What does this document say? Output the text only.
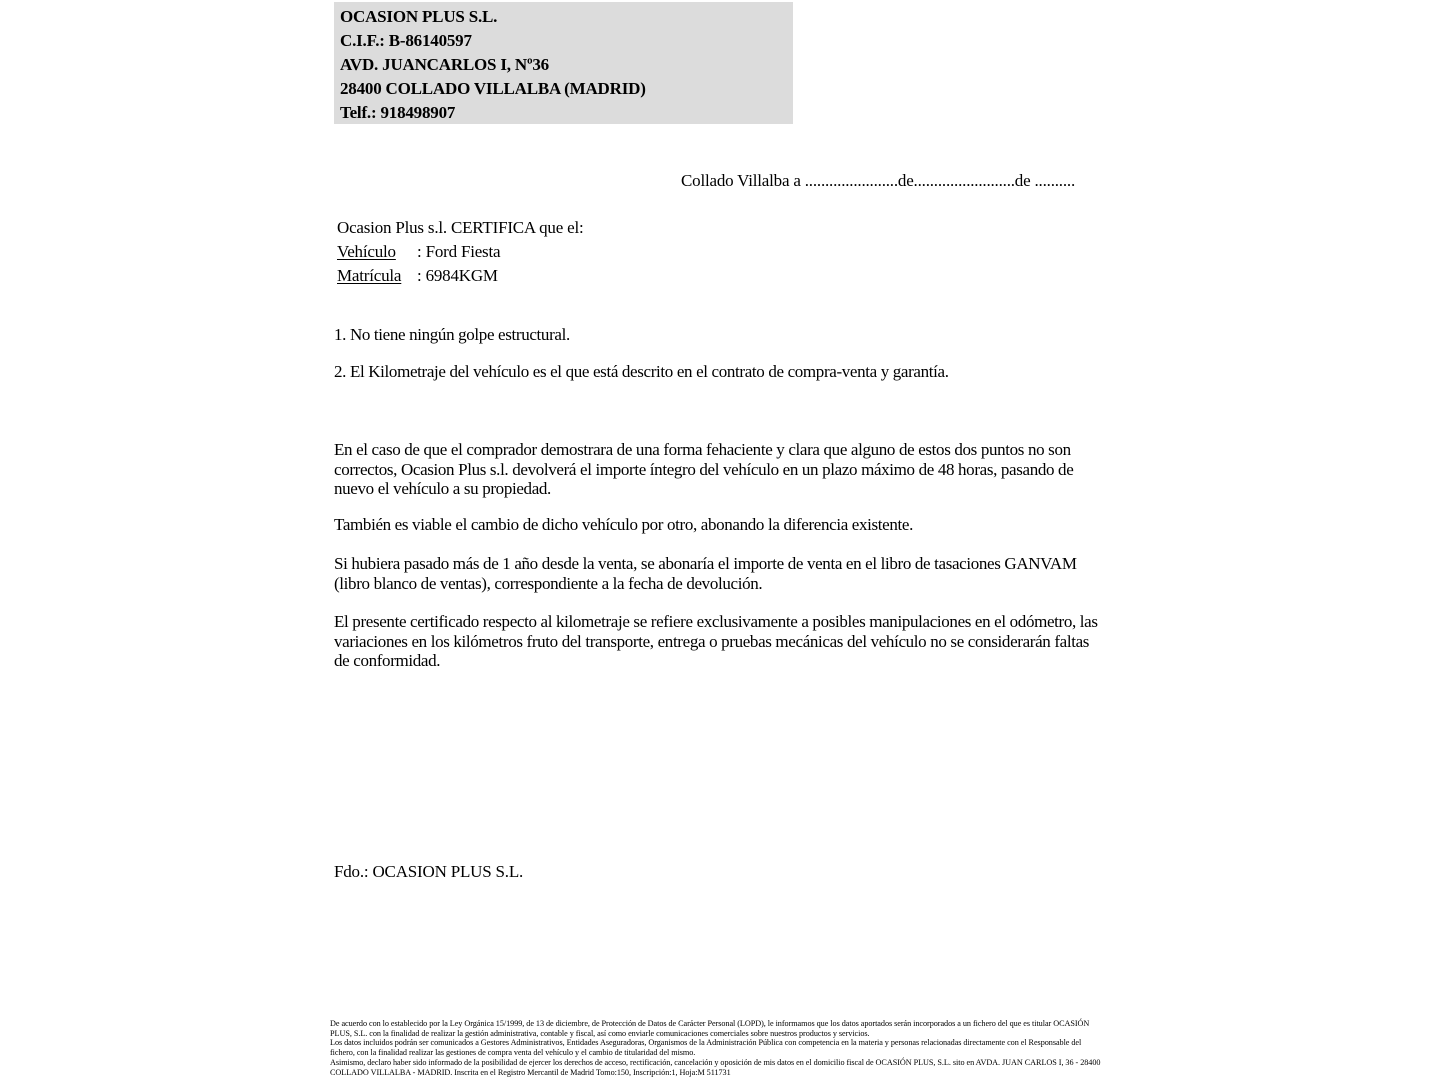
OCASION PLUS S.L.
C.I.F.: B-86140597
AVD. JUANCARLOS I, Nº36
28400 COLLADO VILLALBA (MADRID)
Telf.: 918498907
Collado Villalba a .......................de.........................de ..........
Ocasion Plus s.l. CERTIFICA que el:
Vehículo : Ford Fiesta
Matrícula : 6984KGM
1. No tiene ningún golpe estructural.
2. El Kilometraje del vehículo es el que está descrito en el contrato de compra-venta y garantía.
En el caso de que el comprador demostrara de una forma fehaciente y clara que alguno de estos dos puntos no son correctos, Ocasion Plus s.l. devolverá el importe íntegro del vehículo en un plazo máximo de 48 horas, pasando de nuevo el vehículo a su propiedad.
También es viable el cambio de dicho vehículo por otro, abonando la diferencia existente.
Si hubiera pasado más de 1 año desde la venta, se abonaría el importe de venta en el libro de tasaciones GANVAM (libro blanco de ventas), correspondiente a la fecha de devolución.
El presente certificado respecto al kilometraje se refiere exclusivamente a posibles manipulaciones en el odómetro, las variaciones en los kilómetros fruto del transporte, entrega o pruebas mecánicas del vehículo no se considerarán faltas de conformidad.
Fdo.: OCASION PLUS S.L.

De acuerdo con lo establecido por la Ley Orgánica 15/1999, de 13 de diciembre, de Protección de Datos de Carácter Personal (LOPD), le informamos que los datos aportados serán incorporados a un fichero del que es titular OCASIÓN PLUS, S.L. con la finalidad de realizar la gestión administrativa, contable y fiscal, así como enviarle comunicaciones comerciales sobre nuestros productos y servicios.

Los datos incluidos podrán ser comunicados a Gestores Administrativos, Entidades Aseguradoras, Organismos de la Administración Pública con competencia en la materia y personas relacionadas directamente con el Responsable del fichero, con la finalidad realizar las gestiones de compra venta del vehículo y el cambio de titularidad del mismo.

Asimismo, declaro haber sido informado de la posibilidad de ejercer los derechos de acceso, rectificación, cancelación y oposición de mis datos en el domicilio fiscal de OCASIÓN PLUS, S.L. sito en AVDA. JUAN CARLOS I, 36 - 28400 COLLADO VILLALBA - MADRID. Inscrita en el Registro Mercantil de Madrid Tomo:150, Inscripción:1, Hoja:M 511731
